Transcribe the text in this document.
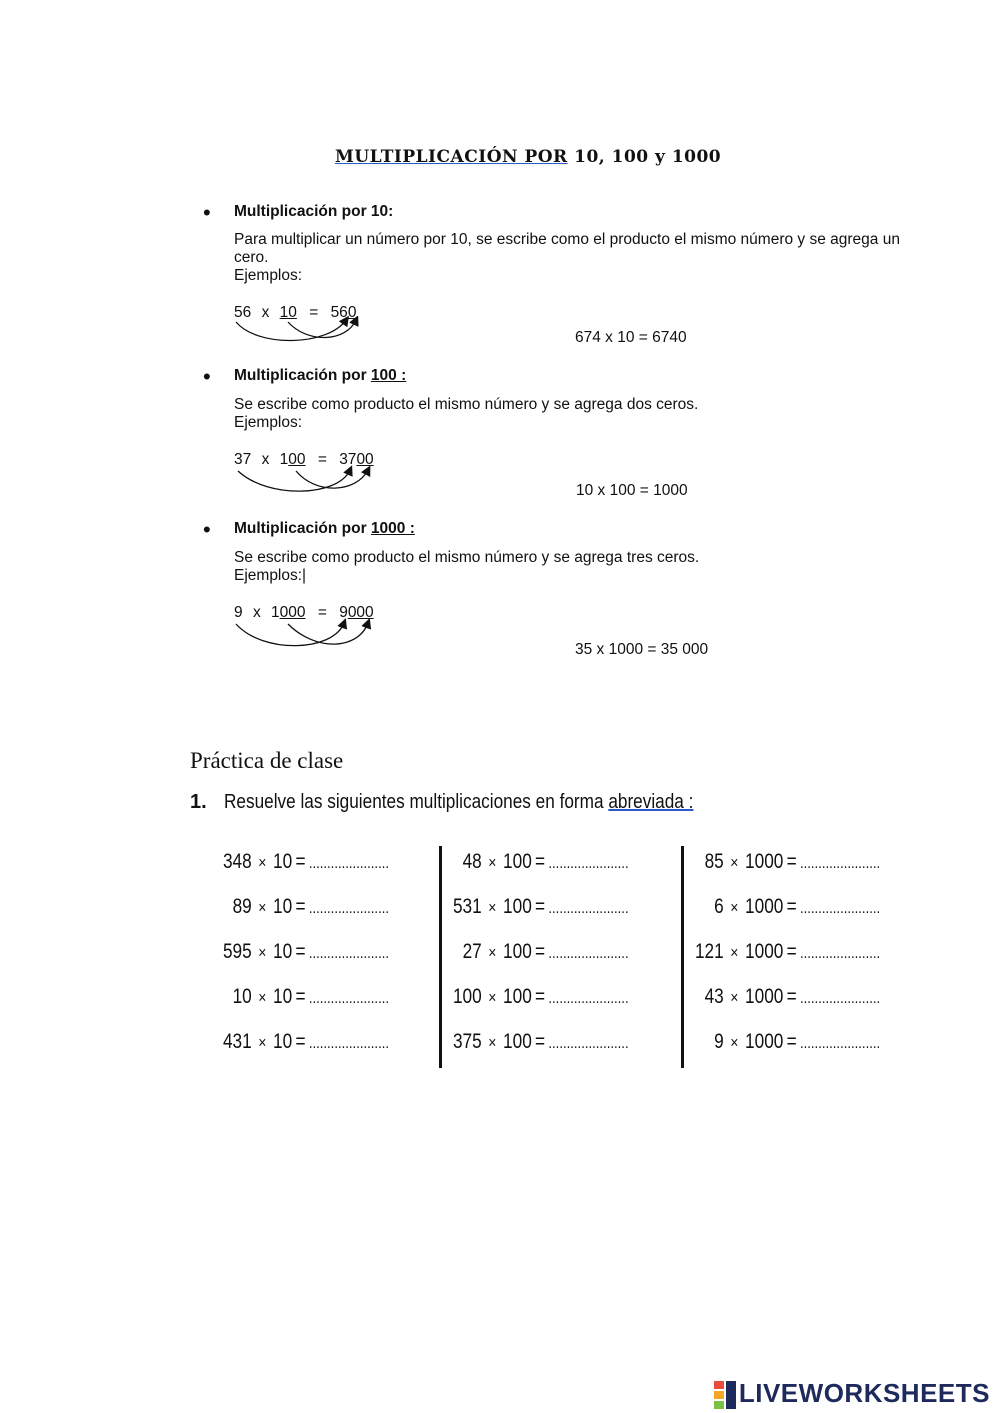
MULTIPLICACIÓN POR 10, 100 y 1000
• Multiplicación por 10:
Para multiplicar un número por 10, se escribe como el producto el mismo número y se agrega un cero.
Ejemplos:
56 x 10 = 560
674 x 10 = 6740
• Multiplicación por 100 :
Se escribe como producto el mismo número y se agrega dos ceros.
Ejemplos:
37 x 100 = 3700
10 x 100 = 1000
• Multiplicación por 1000 :
Se escribe como producto el mismo número y se agrega tres ceros.
Ejemplos:|
9 x 1000 = 9000
35 x 1000 = 35 000
Práctica de clase
1. Resuelve las siguientes multiplicaciones en forma abreviada :
348 × 10 = ......................
89 × 10 = ......................
595 × 10 = ......................
10 × 10 = ......................
431 × 10 = ......................
48 × 100 = ......................
531 × 100 = ......................
27 × 100 = ......................
100 × 100 = ......................
375 × 100 = ......................
85 × 1000 = ......................
6 × 1000 = ......................
121 × 1000 = ......................
43 × 1000 = ......................
9 × 1000 = ......................
LIVEWORKSHEETS
